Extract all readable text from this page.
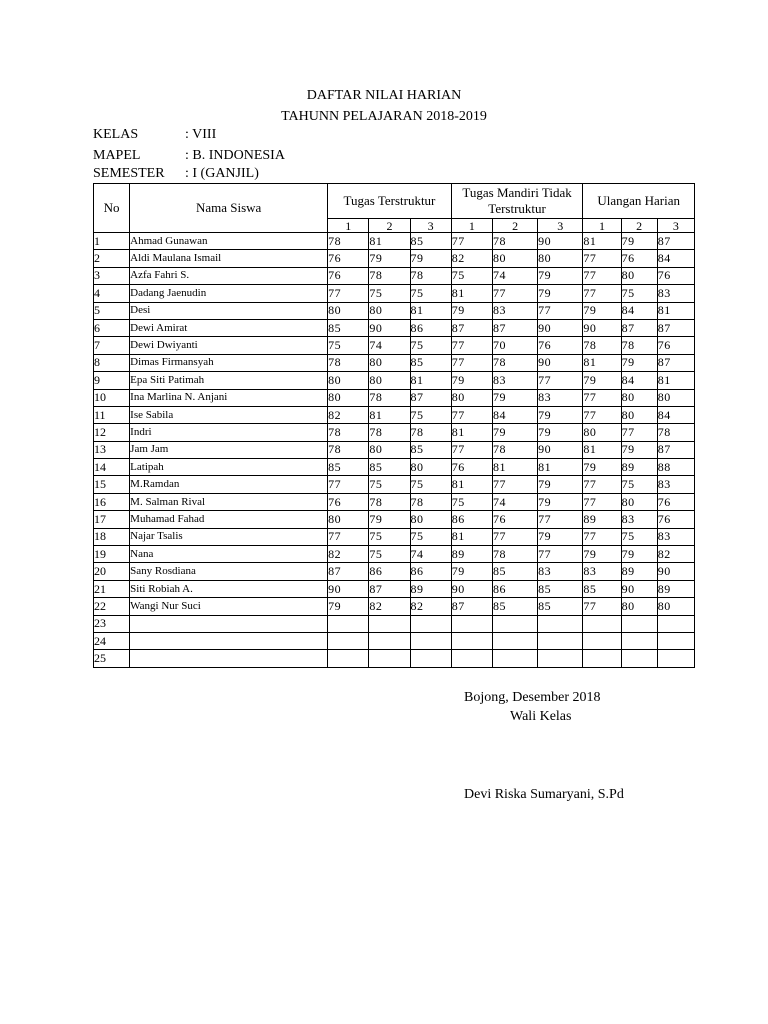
DAFTAR NILAI HARIAN
TAHUNN PELAJARAN 2018-2019
KELAS	: VIII
MAPEL	: B. INDONESIA
SEMESTER : I (GANJIL)
No	Nama Siswa	Tugas Terstruktur			Tugas Mandiri Tidak Terstruktur			Ulangan Harian		
		1	2	3	1	2	3	1	2	3
1	Ahmad Gunawan	78	81	85	77	78	90	81	79	87
2	Aldi Maulana Ismail	76	79	79	82	80	80	77	76	84
3	Azfa Fahri S.	76	78	78	75	74	79	77	80	76
4	Dadang Jaenudin	77	75	75	81	77	79	77	75	83
5	Desi	80	80	81	79	83	77	79	84	81
6	Dewi Amirat	85	90	86	87	87	90	90	87	87
7	Dewi Dwiyanti	75	74	75	77	70	76	78	78	76
8	Dimas Firmansyah	78	80	85	77	78	90	81	79	87
9	Epa Siti Patimah	80	80	81	79	83	77	79	84	81
10	Ina Marlina N. Anjani	80	78	87	80	79	83	77	80	80
11	Ise Sabila	82	81	75	77	84	79	77	80	84
12	Indri	78	78	78	81	79	79	80	77	78
13	Jam Jam	78	80	85	77	78	90	81	79	87
14	Latipah	85	85	80	76	81	81	79	89	88
15	M.Ramdan	77	75	75	81	77	79	77	75	83
16	M. Salman Rival	76	78	78	75	74	79	77	80	76
17	Muhamad Fahad	80	79	80	86	76	77	89	83	76
18	Najar Tsalis	77	75	75	81	77	79	77	75	83
19	Nana	82	75	74	89	78	77	79	79	82
20	Sany Rosdiana	87	86	86	79	85	83	83	89	90
21	Siti Robiah A.	90	87	89	90	86	85	85	90	89
22	Wangi Nur Suci	79	82	82	87	85	85	77	80	80
23										
24										
25										
Bojong, Desember 2018
Wali Kelas
Devi Riska Sumaryani, S.Pd
